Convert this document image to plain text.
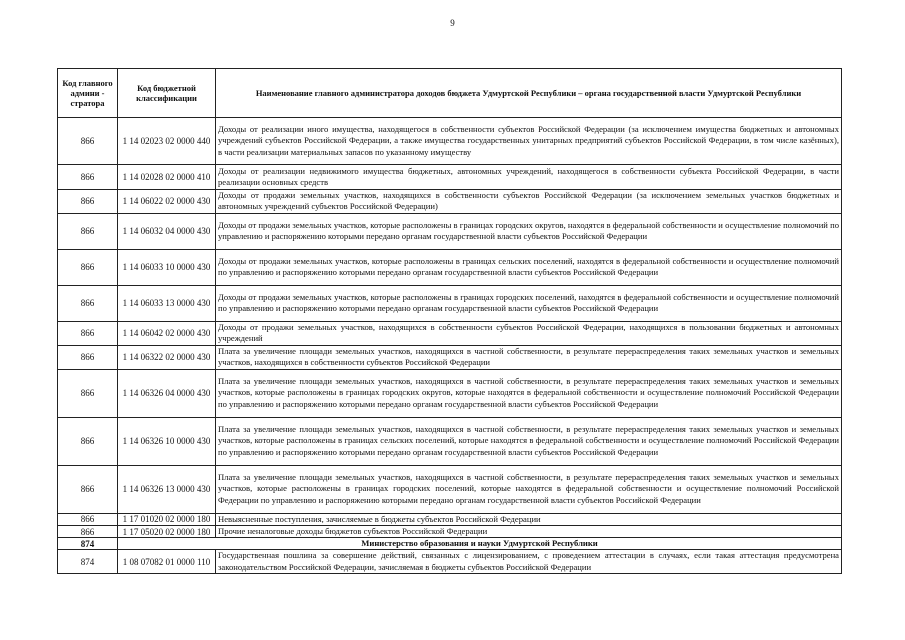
9
Код главного админи - стратора	Код бюджетной классификации	Наименование главного администратора доходов бюджета Удмуртской Республики – органа государственной власти Удмуртской Республики
866	1 14 02023 02 0000 440	Доходы от реализации иного имущества, находящегося в собственности субъектов Российской Федерации (за исключением имущества бюджетных и автономных учреждений субъектов Российской Федерации, а также имущества государственных унитарных предприятий субъектов Российской Федерации, в том числе казённых), в части реализации материальных запасов по указанному имуществу
866	1 14 02028 02 0000 410	Доходы от реализации недвижимого имущества бюджетных, автономных учреждений, находящегося в собственности субъекта Российской Федерации, в части реализации основных средств
866	1 14 06022 02 0000 430	Доходы от продажи земельных участков, находящихся в собственности субъектов Российской Федерации (за исключением земельных участков бюджетных и автономных учреждений субъектов Российской Федерации)
866	1 14 06032 04 0000 430	Доходы от продажи земельных участков, которые расположены в границах городских округов, находятся в федеральной собственности и осуществление полномочий по управлению и распоряжению которыми передано органам государственной власти субъектов Российской Федерации
866	1 14 06033 10 0000 430	Доходы от продажи земельных участков, которые расположены в границах сельских поселений, находятся в федеральной собственности и осуществление полномочий по управлению и распоряжению которыми передано органам государственной власти субъектов Российской Федерации
866	1 14 06033 13 0000 430	Доходы от продажи земельных участков, которые расположены в границах городских поселений, находятся в федеральной собственности и осуществление полномочий по управлению и распоряжению которыми передано органам государственной власти субъектов Российской Федерации
866	1 14 06042 02 0000 430	Доходы от продажи земельных участков, находящихся в собственности субъектов Российской Федерации, находящихся в пользовании бюджетных и автономных учреждений
866	1 14 06322 02 0000 430	Плата за увеличение площади земельных участков, находящихся в частной собственности, в результате перераспределения таких земельных участков и земельных участков, находящихся в собственности субъектов Российской Федерации
866	1 14 06326 04 0000 430	Плата за увеличение площади земельных участков, находящихся в частной собственности, в результате перераспределения таких земельных участков и земельных участков, которые расположены в границах городских округов, которые находятся в федеральной собственности и осуществление полномочий Российской Федерации по управлению и распоряжению которыми передано органам государственной власти субъектов Российской Федерации
866	1 14 06326 10 0000 430	Плата за увеличение площади земельных участков, находящихся в частной собственности, в результате перераспределения таких земельных участков и земельных участков, которые расположены в границах сельских поселений, которые находятся в федеральной собственности и осуществление полномочий Российской Федерации по управлению и распоряжению которыми передано органам государственной власти субъектов Российской Федерации
866	1 14 06326 13 0000 430	Плата за увеличение площади земельных участков, находящихся в частной собственности, в результате перераспределения таких земельных участков и земельных участков, которые расположены в границах городских поселений, которые находятся в федеральной собственности и осуществление полномочий Российской Федерации по управлению и распоряжению которыми передано органам государственной власти субъектов Российской Федерации
866	1 17 01020 02 0000 180	Невыясненные поступления, зачисляемые в бюджеты субъектов Российской Федерации
866	1 17 05020 02 0000 180	Прочие неналоговые доходы бюджетов субъектов Российской Федерации
874	Министерство образования и науки Удмуртской Республики	
874	1 08 07082 01 0000 110	Государственная пошлина за совершение действий, связанных с лицензированием, с проведением аттестации в случаях, если такая аттестация предусмотрена законодательством Российской Федерации, зачисляемая в бюджеты субъектов Российской Федерации
